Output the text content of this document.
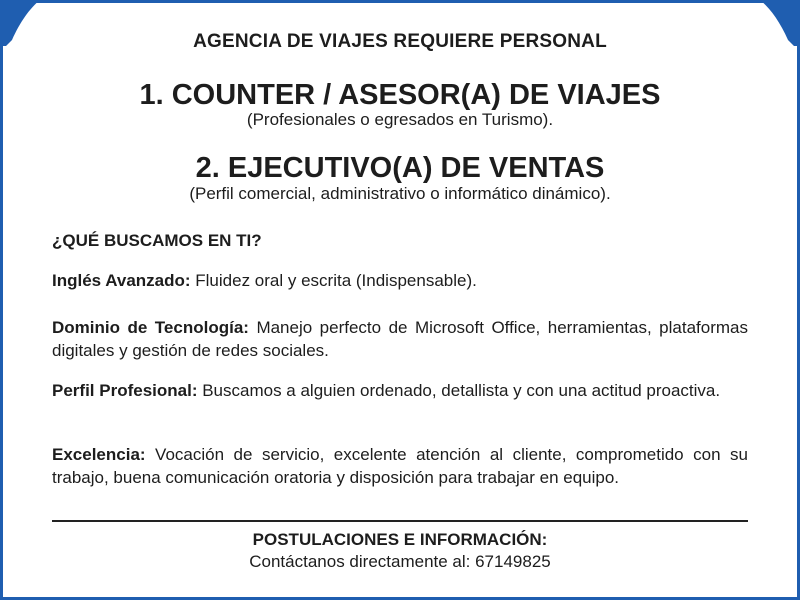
AGENCIA DE VIAJES REQUIERE PERSONAL
1. COUNTER / ASESOR(A) DE VIAJES
(Profesionales o egresados en Turismo).
2. EJECUTIVO(A) DE VENTAS
(Perfil comercial, administrativo o informático dinámico).
¿QUÉ BUSCAMOS EN TI?
Inglés Avanzado: Fluidez oral y escrita (Indispensable).
Dominio de Tecnología: Manejo perfecto de Microsoft Office, herramientas, plataformas digitales y gestión de redes sociales.
Perfil Profesional: Buscamos a alguien ordenado, detallista y con una actitud proactiva.
Excelencia: Vocación de servicio, excelente atención al cliente, comprometido con su trabajo, buena comunicación oratoria y disposición para trabajar en equipo.
POSTULACIONES E INFORMACIÓN:
Contáctanos directamente al: 67149825
